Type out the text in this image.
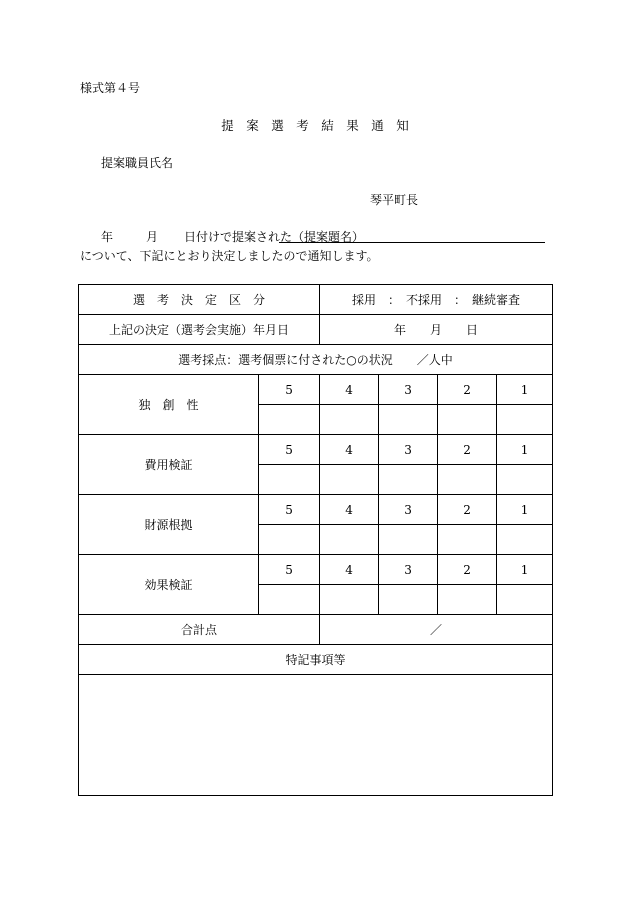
様式第４号
提　案　選　考　結　果　通　知
提案職員氏名
琴平町長
年	月 日付けで提案された（提案題名）
について、下記にとおり決定しましたので通知します。
選　考　決　定　区　分		採用　：　不採用　：　継続審査			
上記の決定（選考会実施）年月日		年　　月　　日			
選考採点：選考個票に付された○の状況　　／人中					
独　創　性	5	4	3	2	1

費用検証	5	4	3	2	1

財源根拠	5	4	3	2	1

効果検証	5	4	3	2	1

合計点		／			
特記事項等					
